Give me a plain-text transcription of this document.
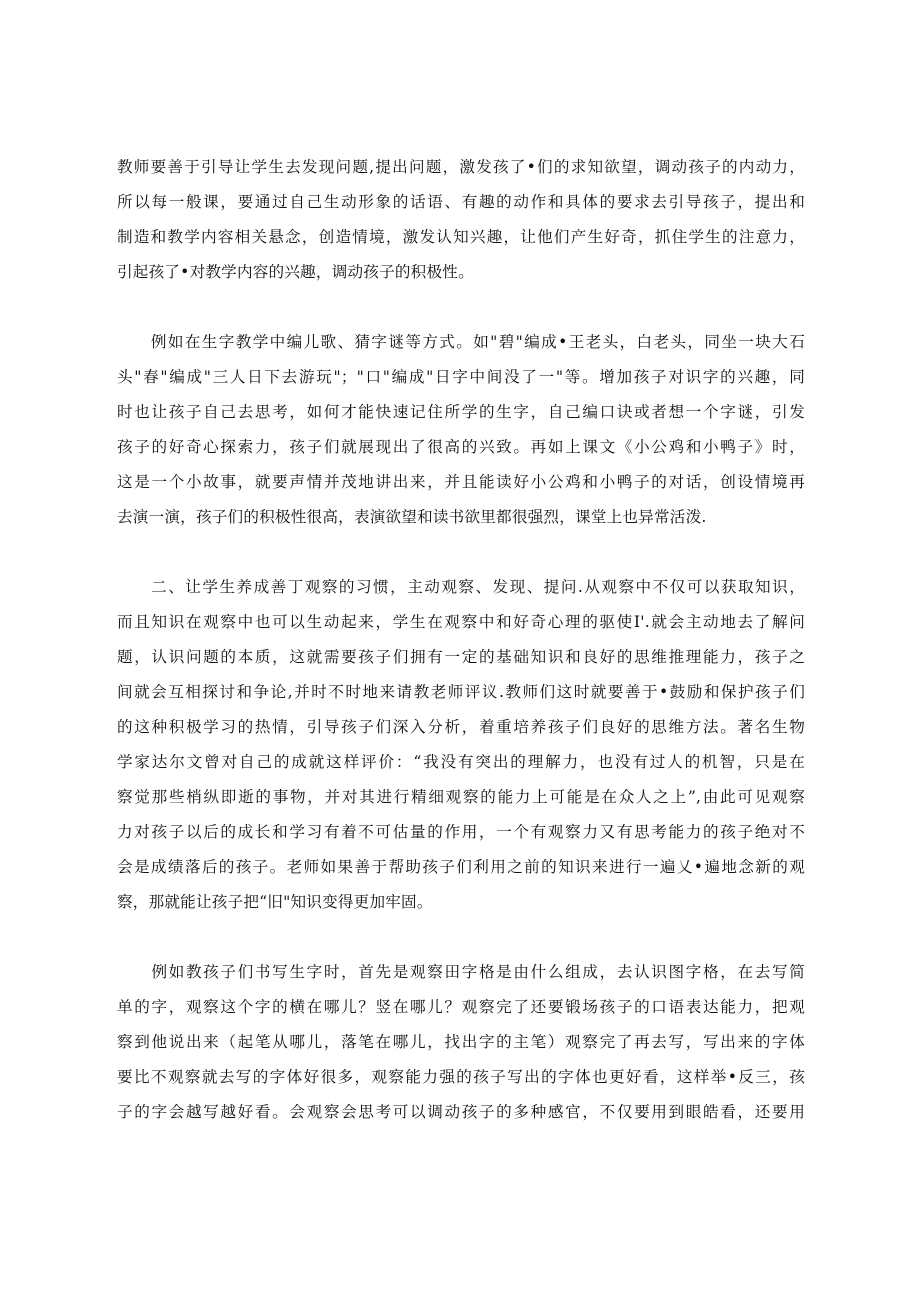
教师要善于引导让学生去发现问题,提出问题，激发孩了•们的求知欲望，调动孩子的内动力，
所以每一般课，要通过自己生动形象的话语、有趣的动作和具体的要求去引导孩子，提出和
制造和教学内容相关悬念，创造情境，激发认知兴趣，让他们产生好奇，抓住学生的注意力，
引起孩了•对教学内容的兴趣，调动孩子的积极性。
　　例如在生字教学中编儿歌、猜字谜等方式。如"碧"编成•王老头，白老头，同坐一块大石
头"春"编成"三人日下去游玩"；"口"编成"日字中间没了一"等。增加孩子对识字的兴趣，同
时也让孩子自己去思考，如何才能快速记住所学的生字，自己编口诀或者想一个字谜，引发
孩子的好奇心探索力，孩子们就展现出了很高的兴致。再如上课文《小公鸡和小鸭子》时，
这是一个小故事，就要声情并茂地讲出来，并且能读好小公鸡和小鸭子的对话，创设情境再
去演一演，孩子们的积极性很高，表演欲望和读书欲里都很强烈，课堂上也异常活泼.
　　二、让学生养成善丁观察的习惯，主动观察、发现、提问.从观察中不仅可以获取知识，
而且知识在观察中也可以生动起来，学生在观察中和好奇心理的驱使Ι'.就会主动地去了解问
题，认识问题的本质，这就需要孩子们拥有一定的基础知识和良好的思维推理能力，孩子之
间就会互相探讨和争论,并时不时地来请教老师评议.教师们这时就要善于•鼓励和保护孩子们
的这种积极学习的热情，引导孩子们深入分析，着重培养孩子们良好的思维方法。著名生物
学家达尔文曾对自己的成就这样评价：“我没有突出的理解力，也没有过人的机智，只是在
察觉那些梢纵即逝的事物，并对其进行精细观察的能力上可能是在众人之上”,由此可见观察
力对孩子以后的成长和学习有着不可估量的作用，一个有观察力又有思考能力的孩子绝对不
会是成绩落后的孩子。老师如果善于帮助孩子们利用之前的知识来进行一遍乂•遍地念新的观
察，那就能让孩子把“旧"知识变得更加牢固。
　　例如教孩子们书写生字时，首先是观察田字格是由什么组成，去认识图字格，在去写简
单的字，观察这个字的横在哪儿？竖在哪儿？观察完了还要锻场孩子的口语表达能力，把观
察到他说出来（起笔从哪儿，落笔在哪儿，找出字的主笔）观察完了再去写，写出来的字体
要比不观察就去写的字体好很多，观察能力强的孩子写出的字体也更好看，这样举•反三，孩
子的字会越写越好看。会观察会思考可以调动孩子的多种感官，不仅要用到眼皓看，还要用
